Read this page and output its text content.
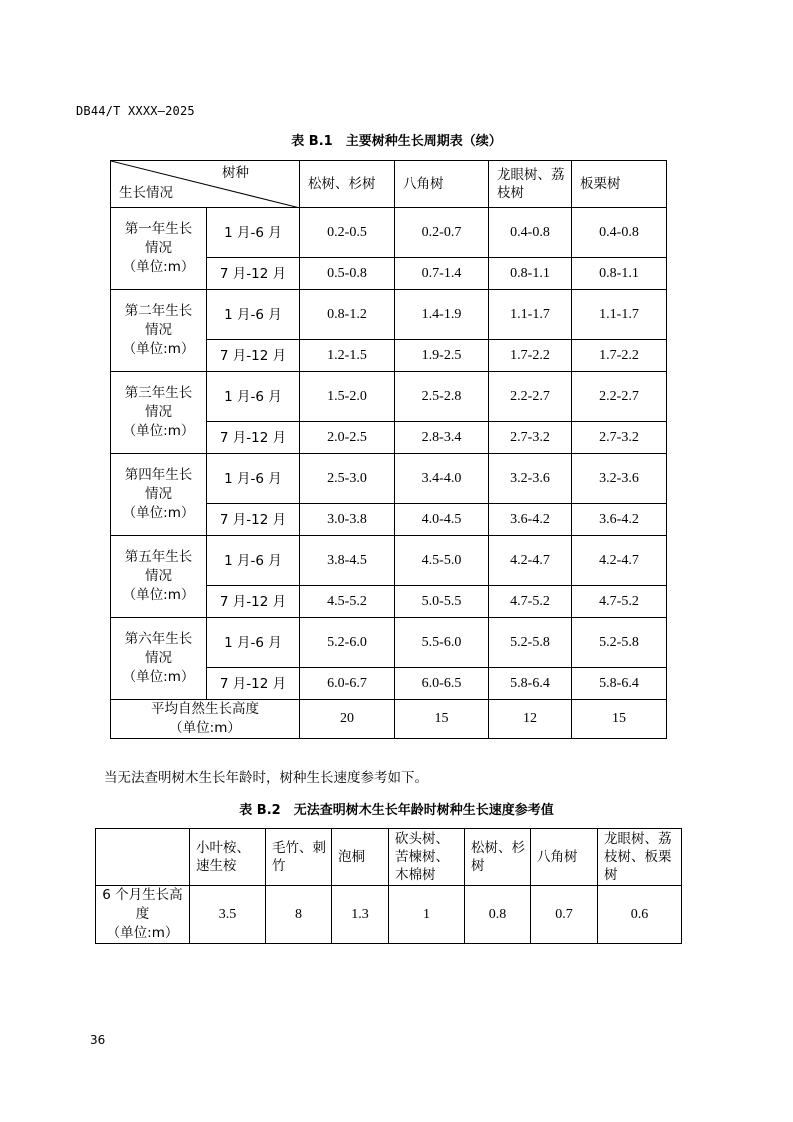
DB44/T XXXX—2025
表 B.1　主要树种生长周期表（续）
树种
生长情况		松树、杉树	八角树	龙眼树、荔枝树	板栗树
第一年生长情况
（单位:m）	1 月-6 月	0.2-0.5	0.2-0.7	0.4-0.8	0.4-0.8
	7 月-12 月	0.5-0.8	0.7-1.4	0.8-1.1	0.8-1.1
第二年生长情况
（单位:m）	1 月-6 月	0.8-1.2	1.4-1.9	1.1-1.7	1.1-1.7
	7 月-12 月	1.2-1.5	1.9-2.5	1.7-2.2	1.7-2.2
第三年生长情况
（单位:m）	1 月-6 月	1.5-2.0	2.5-2.8	2.2-2.7	2.2-2.7
	7 月-12 月	2.0-2.5	2.8-3.4	2.7-3.2	2.7-3.2
第四年生长情况
（单位:m）	1 月-6 月	2.5-3.0	3.4-4.0	3.2-3.6	3.2-3.6
	7 月-12 月	3.0-3.8	4.0-4.5	3.6-4.2	3.6-4.2
第五年生长情况
（单位:m）	1 月-6 月	3.8-4.5	4.5-5.0	4.2-4.7	4.2-4.7
	7 月-12 月	4.5-5.2	5.0-5.5	4.7-5.2	4.7-5.2
第六年生长情况
（单位:m）	1 月-6 月	5.2-6.0	5.5-6.0	5.2-5.8	5.2-5.8
	7 月-12 月	6.0-6.7	6.0-6.5	5.8-6.4	5.8-6.4
平均自然生长高度
（单位:m）		20	15	12	15
当无法查明树木生长年龄时，树种生长速度参考如下。
表 B.2　无法查明树木生长年龄时树种生长速度参考值
	小叶桉、速生桉	毛竹、刺竹	泡桐	砍头树、苦楝树、木棉树	松树、杉树	八角树	龙眼树、荔枝树、板栗树
6 个月生长高度
（单位:m）	3.5	8	1.3	1	0.8	0.7	0.6
36
